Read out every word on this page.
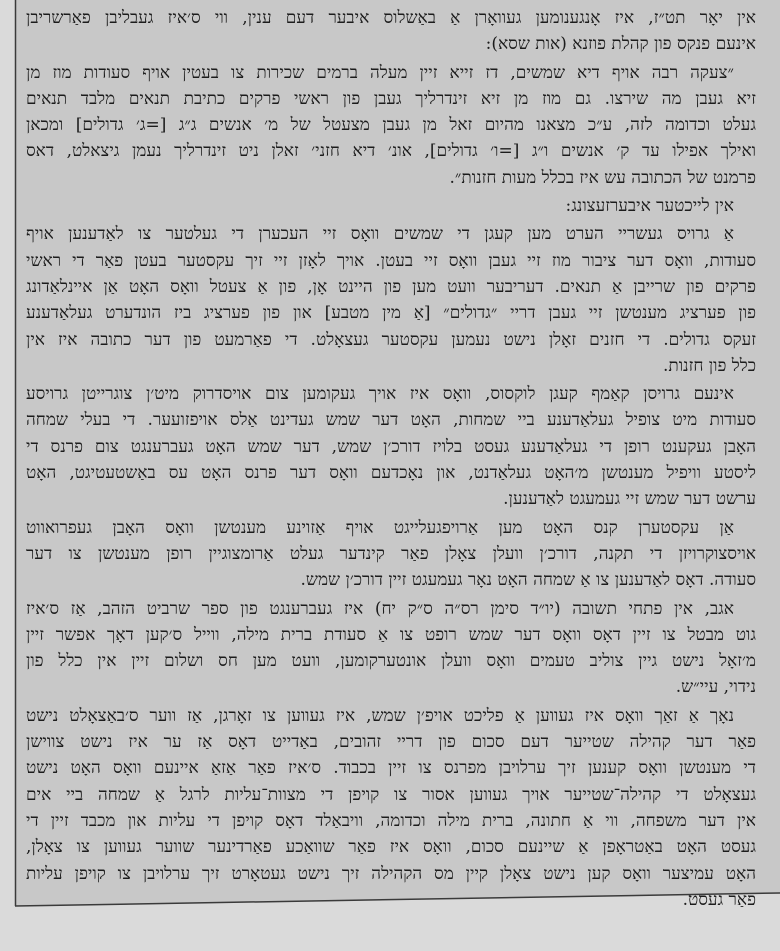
אין יאָר תט״ז, איז אָנגענומען געוואָרן אַ באַשלוס איבער דעם ענין, ווי ס׳איז געבליבן פאַרשריבן
אינעם פנקס פון קהלת פוזנא (אות שסא):
״צעקה רבה אויף דיא שמשים, דז זייא זיין מעלה ברמים שכירות צו בעטין אויף סעודות מוז מן
זיא געבן מה שירצו. גם מוז מן זיא זינדרליך געבן פון ראשי פרקים כתיבת תנאים מלבד תנאים
געלט וכדומה לזה, ע״כ מצאנו מהיום זאל מן געבן מצעטל של מ׳ אנשים ג״ג [=ג׳ גדולים] ומכאן
ואילך אפילו עד ק׳ אנשים ו״ג [=ו׳ גדולים], אונ׳ דיא חזני׳ זאלן ניט זינדרליך נעמן גיצאלט, דאס
פרמנט של הכתובה עש איז בכלל מעות חזנות״.
אין לייכטער איבערזעצונג:
אַ גרויס געשריי הערט מען קעגן די שמשים וואָס זיי העכערן די געלטער צו לאַדענען אויף
סעודות, וואָס דער ציבור מוז זיי געבן וואָס זיי בעטן. אויך לאָזן זיי זיך עקסטער בעטן פאַר די ראשי
פרקים פון שרייבן אַ תנאים. דעריבער וועט מען פון היינט אָן, פון אַ צעטל וואָס האָט אַן איינלאַדונג
פון פערציג מענטשן זיי געבן דריי ״גדולים״ [אַ מין מטבע] און פון פערציג ביז הונדערט געלאַדענע
זעקס גדולים. די חזנים זאָלן נישט נעמען עקסטער געצאָלט. די פאַרמעט פון דער כתובה איז אין
כלל פון חזנות.
אינעם גרויסן קאַמף קעגן לוקסוס, וואָס איז אויך געקומען צום אויסדרוק מיט׳ן צוגרייטן גרויסע
סעודות מיט צופיל געלאַדענע ביי שמחות, האָט דער שמש געדינט אַלס אויפזועער. די בעלי שמחה
האָבן געקענט רופן די געלאַדענע געסט בלויז דורכ׳ן שמש, דער שמש האָט געברענגט צום פרנס די
ליסטע וויפיל מענטשן מ׳האָט געלאַדנט, און נאָכדעם וואָס דער פרנס האָט עס באַשטעטיגט, האָט
ערשט דער שמש זיי געמעגט לאַדענען.
אַן עקסטערן קנס האָט מען אַרויפגעלייגט אויף אַזוינע מענטשן וואָס האָבן געפרואווט
אויסצוקרויזן די תקנה, דורכ׳ן וועלן צאָלן פאַר קינדער געלט אַרומצוגיין רופן מענטשן צו דער
סעודה. דאָס לאַדענען צו אַ שמחה האָט נאָר געמעגט זיין דורכ׳ן שמש.
אגב, אין פתחי תשובה (יו״ד סימן רס״ה ס״ק יח) איז געברענגט פון ספר שרביט הזהב, אַז ס׳איז
גוט מבטל צו זיין דאָס וואָס דער שמש רופט צו אַ סעודת ברית מילה, ווייל ס׳קען דאָך אפשר זיין
מ׳זאָל נישט גיין צוליב טעמים וואָס וועלן אונטערקומען, וועט מען חס ושלום זיין אין כלל פון
נידוי, עיי״ש.
נאָך אַ זאַך וואָס איז געווען אַ פליכט אויפ׳ן שמש, איז געווען צו זאָרגן, אַז ווער ס׳באַצאָלט נישט
פאַר דער קהילה שטייער דעם סכום פון דריי זהובים, באַדייט דאָס אַז ער איז נישט צווישן
די מענטשן וואָס קענען זיך ערלויבן מפרנס צו זיין בכבוד. ס׳איז פאַר אַזאַ איינעם וואָס האָט נישט
געצאָלט די קהילה־שטייער אויך געווען אסור צו קויפן די מצוות־עליות לרגל אַ שמחה ביי אים
אין דער משפחה, ווי אַ חתונה, ברית מילה וכדומה, וויבאַלד דאָס קויפן די עליות און מכבד זיין די
געסט האָט באַטראָפן אַ שיינעם סכום, וואָס איז פאַר שוואַכע פאַרדינער שווער געווען צו צאָלן,
האָט עמיצער וואָס קען נישט צאָלן קיין מס הקהילה זיך נישט געטאָרט זיך ערלויבן צו קויפן עליות
פאַר געסט.
